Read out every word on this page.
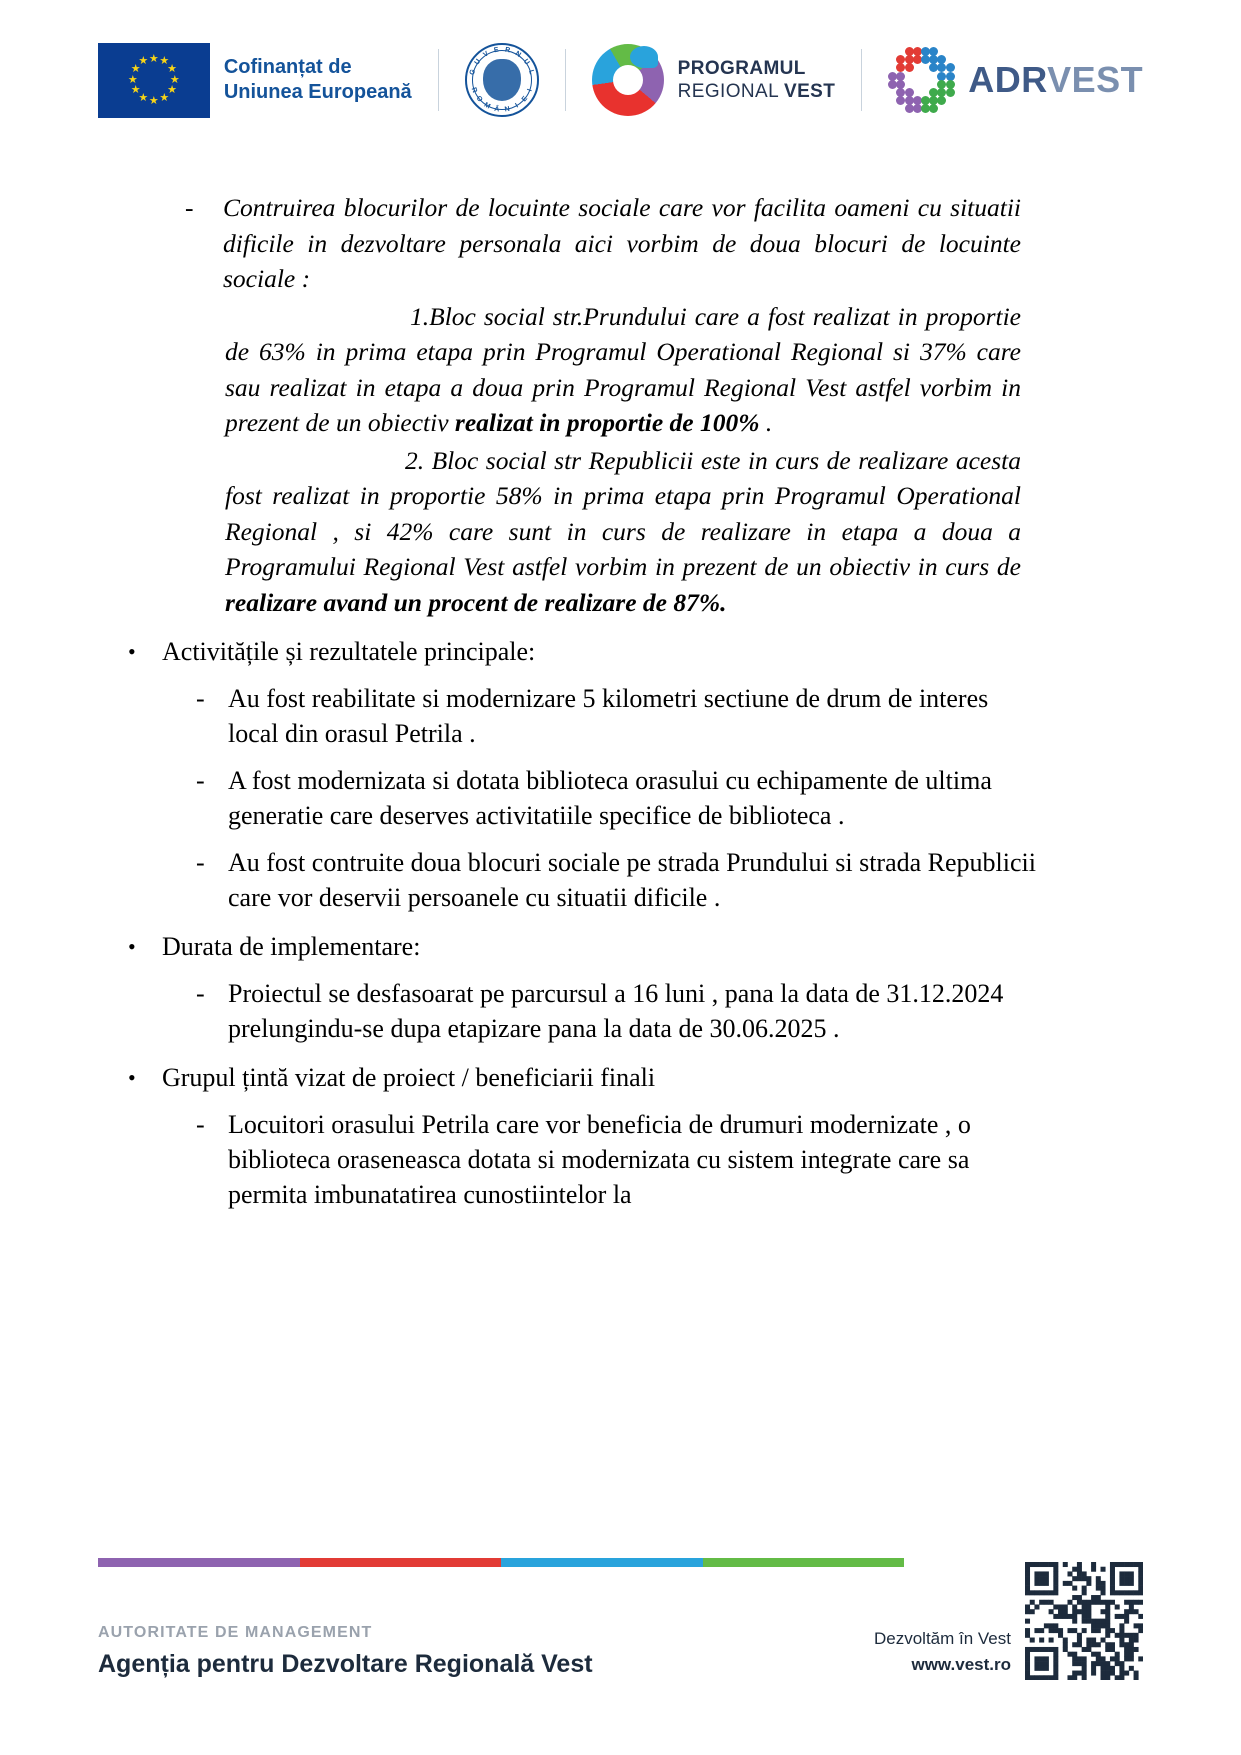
★ ★
★
★
★
★
★
★
★
★
★
★	Cofinanțat de
Uniunea Europeană
G
U
V E R N
U
L
R
O
M Â N I
E
I
PROGRAMUL
REGIONAL VEST	ADRVEST
-	Contruirea blocurilor de locuinte sociale care vor facilita oameni cu situatii dificile in dezvoltare personala aici vorbim de doua blocuri de locuinte sociale :
1.Bloc social str.Prundului care a fost realizat in proportie de 63% in prima etapa prin Programul Operational Regional si 37% care sau realizat in etapa a doua prin Programul Regional Vest astfel vorbim in prezent de un obiectiv realizat in proportie de 100% .
2. Bloc social str Republicii este in curs de realizare acesta fost realizat in proportie 58% in prima etapa prin Programul Operational Regional , si 42% care sunt in curs de realizare in etapa a doua a Programului Regional Vest astfel vorbim in prezent de un obiectiv in curs de realizare avand un procent de realizare de 87%.
•	Activitățile și rezultatele principale:
- Au fost reabilitate si modernizare 5 kilometri sectiune de drum de interes local din orasul Petrila .
- A fost modernizata si dotata biblioteca orasului cu echipamente de ultima generatie care deserves activitatiile specifice de biblioteca .
- Au fost contruite doua blocuri sociale pe strada Prundului si strada Republicii care vor deservii persoanele cu situatii dificile .
•	Durata de implementare:
- Proiectul se desfasoarat pe parcursul a 16 luni , pana la data de 31.12.2024 prelungindu-se dupa etapizare pana la data de 30.06.2025 .
•	Grupul țintă vizat de proiect / beneficiarii finali
- Locuitori orasului Petrila care vor beneficia de drumuri modernizate , o biblioteca oraseneasca dotata si modernizata cu sistem integrate care sa permita imbunatatirea cunostiintelor la
AUTORITATE DE MANAGEMENT
Agenția pentru Dezvoltare Regională Vest
Dezvoltăm în Vest
www.vest.ro
